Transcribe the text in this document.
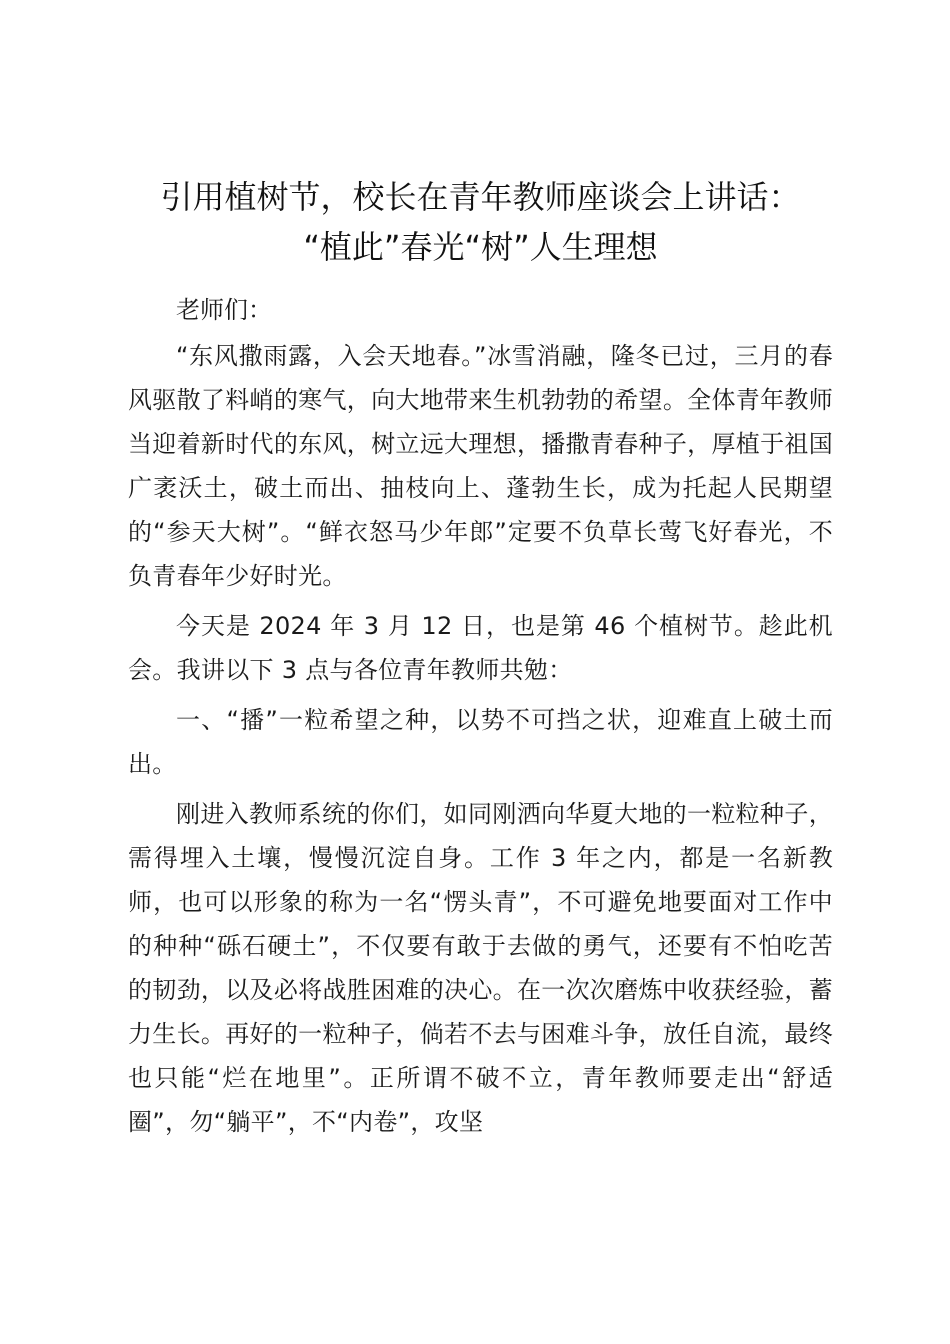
引用植树节，校长在青年教师座谈会上讲话：
“植此”春光“树”人生理想

老师们：

“东风撒雨露，入会天地春。”冰雪消融，隆冬已过，三月的春风驱散了料峭的寒气，向大地带来生机勃勃的希望。全体青年教师当迎着新时代的东风，树立远大理想，播撒青春种子，厚植于祖国广袤沃土，破土而出、抽枝向上、蓬勃生长，成为托起人民期望的“参天大树”。“鲜衣怒马少年郎”定要不负草长莺飞好春光，不负青春年少好时光。

今天是 2024 年 3 月 12 日，也是第 46 个植树节。趁此机会。我讲以下 3 点与各位青年教师共勉：

一、“播”一粒希望之种，以势不可挡之状，迎难直上破土而出。

刚进入教师系统的你们，如同刚洒向华夏大地的一粒粒种子，需得埋入土壤，慢慢沉淀自身。工作 3 年之内，都是一名新教师，也可以形象的称为一名“愣头青”，不可避免地要面对工作中的种种“砾石硬土”，不仅要有敢于去做的勇气，还要有不怕吃苦的韧劲，以及必将战胜困难的决心。在一次次磨炼中收获经验，蓄力生长。再好的一粒种子，倘若不去与困难斗争，放任自流，最终也只能“烂在地里”。正所谓不破不立，青年教师要走出“舒适圈”，勿“躺平”，不“内卷”，攻坚
